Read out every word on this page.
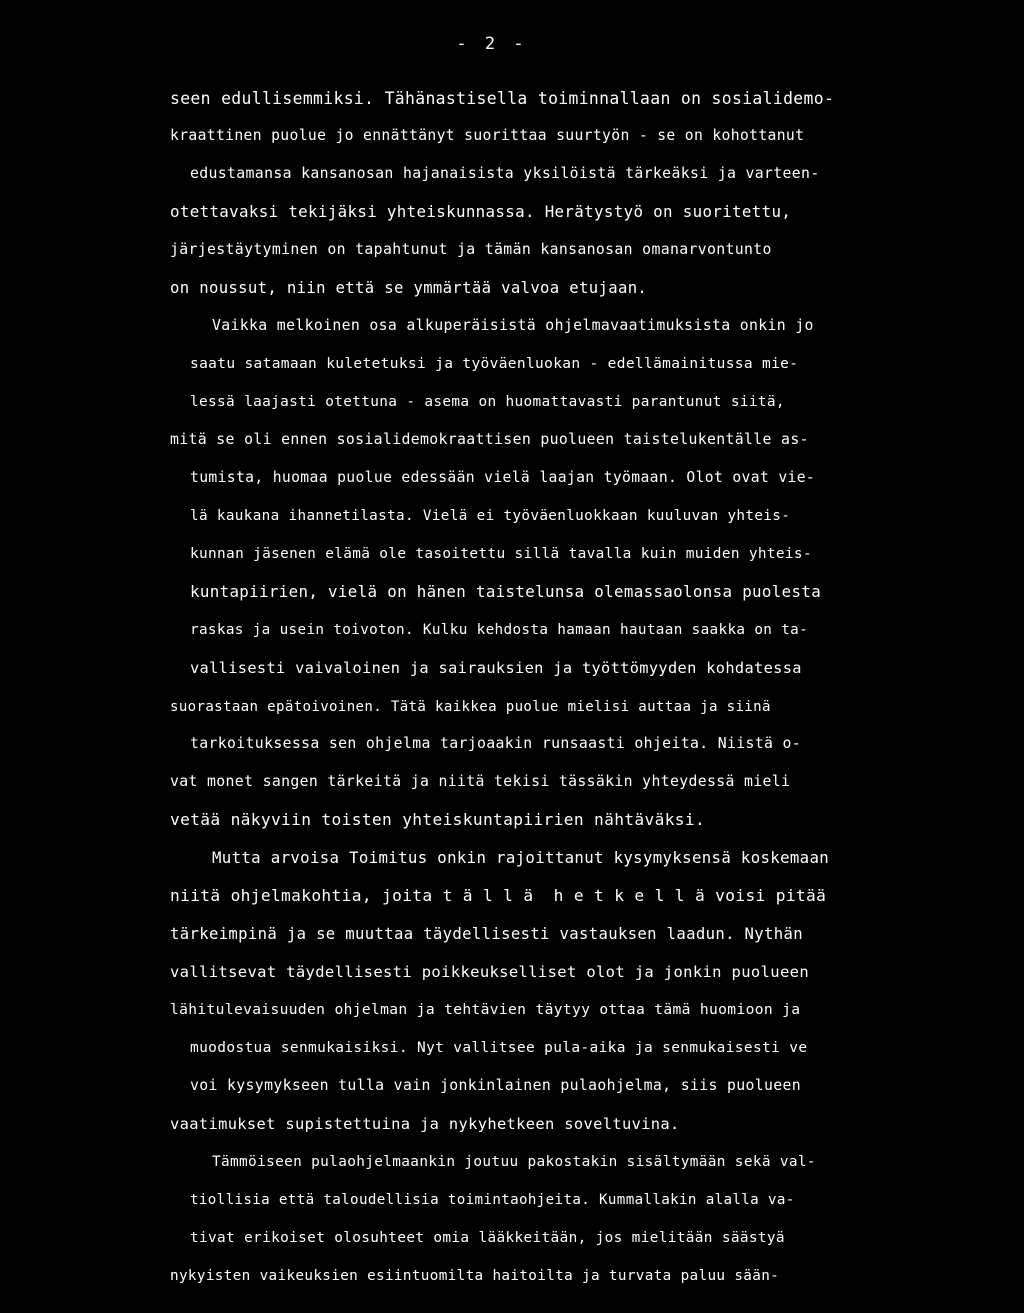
- 2 -
seen edullisemmiksi. Tähänastisella toiminnallaan on sosialidemo-
kraattinen puolue jo ennättänyt suorittaa suurtyön - se on kohottanut
edustamansa kansanosan hajanaisista yksilöistä tärkeäksi ja varteen-
otettavaksi tekijäksi yhteiskunnassa. Herätystyö on suoritettu,
järjestäytyminen on tapahtunut ja tämän kansanosan omanarvontunto
on noussut, niin että se ymmärtää valvoa etujaan.
Vaikka melkoinen osa alkuperäisistä ohjelmavaatimuksista onkin jo
saatu satamaan kuletetuksi ja työväenluokan - edellämainitussa mie-
lessä laajasti otettuna - asema on huomattavasti parantunut siitä,
mitä se oli ennen sosialidemokraattisen puolueen taistelukentälle as-
tumista, huomaa puolue edessään vielä laajan työmaan. Olot ovat vie-
lä kaukana ihannetilasta. Vielä ei työväenluokkaan kuuluvan yhteis-
kunnan jäsenen elämä ole tasoitettu sillä tavalla kuin muiden yhteis-
kuntapiirien, vielä on hänen taistelunsa olemassaolonsa puolesta
raskas ja usein toivoton. Kulku kehdosta hamaan hautaan saakka on ta-
vallisesti vaivaloinen ja sairauksien ja työttömyyden kohdatessa
suorastaan epätoivoinen. Tätä kaikkea puolue mielisi auttaa ja siinä
tarkoituksessa sen ohjelma tarjoaakin runsaasti ohjeita. Niistä o-
vat monet sangen tärkeitä ja niitä tekisi tässäkin yhteydessä mieli
vetää näkyviin toisten yhteiskuntapiirien nähtäväksi.
Mutta arvoisa Toimitus onkin rajoittanut kysymyksensä koskemaan
niitä ohjelmakohtia, joita t ä l l ä  h e t k e l l ä voisi pitää
tärkeimpinä ja se muuttaa täydellisesti vastauksen laadun. Nythän
vallitsevat täydellisesti poikkeukselliset olot ja jonkin puolueen
lähitulevaisuuden ohjelman ja tehtävien täytyy ottaa tämä huomioon ja
muodostua senmukaisiksi. Nyt vallitsee pula-aika ja senmukaisesti ve
voi kysymykseen tulla vain jonkinlainen pulaohjelma, siis puolueen
vaatimukset supistettuina ja nykyhetkeen soveltuvina.
Tämmöiseen pulaohjelmaankin joutuu pakostakin sisältymään sekä val-
tiollisia että taloudellisia toimintaohjeita. Kummallakin alalla va-
tivat erikoiset olosuhteet omia lääkkeitään, jos mielitään säästyä
nykyisten vaikeuksien esiintuomilta haitoilta ja turvata paluu sään-
